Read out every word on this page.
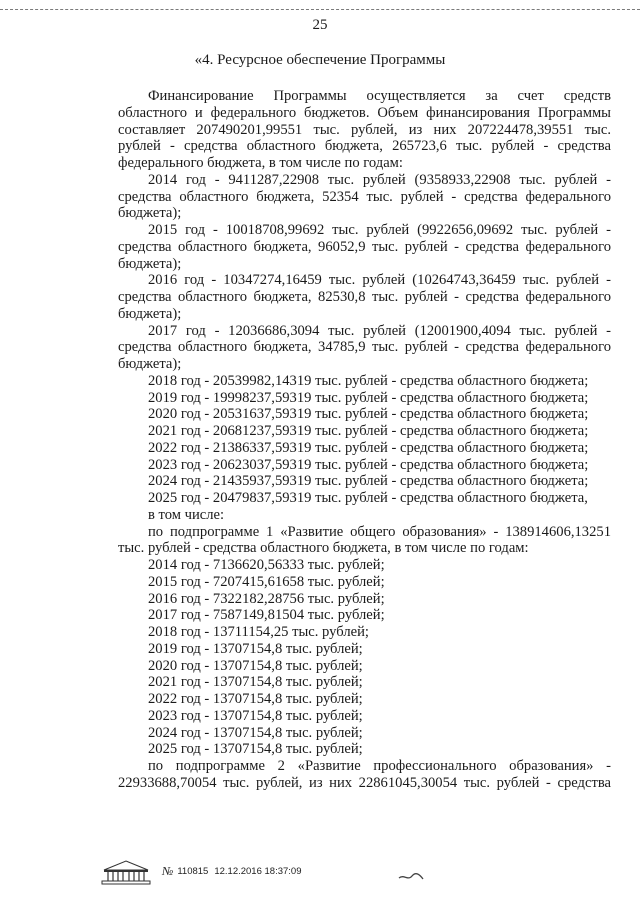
25
«4. Ресурсное обеспечение Программы
Финансирование Программы осуществляется за счет средств
областного и федерального бюджетов. Объем финансирования Программы
составляет 207490201,99551 тыс. рублей, из них 207224478,39551 тыс.
рублей - средства областного бюджета, 265723,6 тыс. рублей - средства
федерального бюджета, в том числе по годам:
2014 год - 9411287,22908 тыс. рублей (9358933,22908 тыс. рублей -
средства областного бюджета, 52354 тыс. рублей - средства федерального
бюджета);
2015 год - 10018708,99692 тыс. рублей (9922656,09692 тыс. рублей -
средства областного бюджета, 96052,9 тыс. рублей - средства федерального
бюджета);
2016 год - 10347274,16459 тыс. рублей (10264743,36459 тыс. рублей -
средства областного бюджета, 82530,8 тыс. рублей - средства федерального
бюджета);
2017 год - 12036686,3094 тыс. рублей (12001900,4094 тыс. рублей -
средства областного бюджета, 34785,9 тыс. рублей - средства федерального
бюджета);
2018 год - 20539982,14319 тыс. рублей - средства областного бюджета;
2019 год - 19998237,59319 тыс. рублей - средства областного бюджета;
2020 год - 20531637,59319 тыс. рублей - средства областного бюджета;
2021 год - 20681237,59319 тыс. рублей - средства областного бюджета;
2022 год - 21386337,59319 тыс. рублей - средства областного бюджета;
2023 год - 20623037,59319 тыс. рублей - средства областного бюджета;
2024 год - 21435937,59319 тыс. рублей - средства областного бюджета;
2025 год - 20479837,59319 тыс. рублей - средства областного бюджета,
в том числе:
по подпрограмме 1 «Развитие общего образования» - 138914606,13251
тыс. рублей - средства областного бюджета, в том числе по годам:
2014 год - 7136620,56333 тыс. рублей;
2015 год - 7207415,61658 тыс. рублей;
2016 год - 7322182,28756 тыс. рублей;
2017 год - 7587149,81504 тыс. рублей;
2018 год - 13711154,25 тыс. рублей;
2019 год - 13707154,8 тыс. рублей;
2020 год - 13707154,8 тыс. рублей;
2021 год - 13707154,8 тыс. рублей;
2022 год - 13707154,8 тыс. рублей;
2023 год - 13707154,8 тыс. рублей;
2024 год - 13707154,8 тыс. рублей;
2025 год - 13707154,8 тыс. рублей;
по подпрограмме 2 «Развитие профессионального образования» -
22933688,70054 тыс. рублей, из них 22861045,30054 тыс. рублей - средства
№ 110815 12.12.2016 18:37:09
